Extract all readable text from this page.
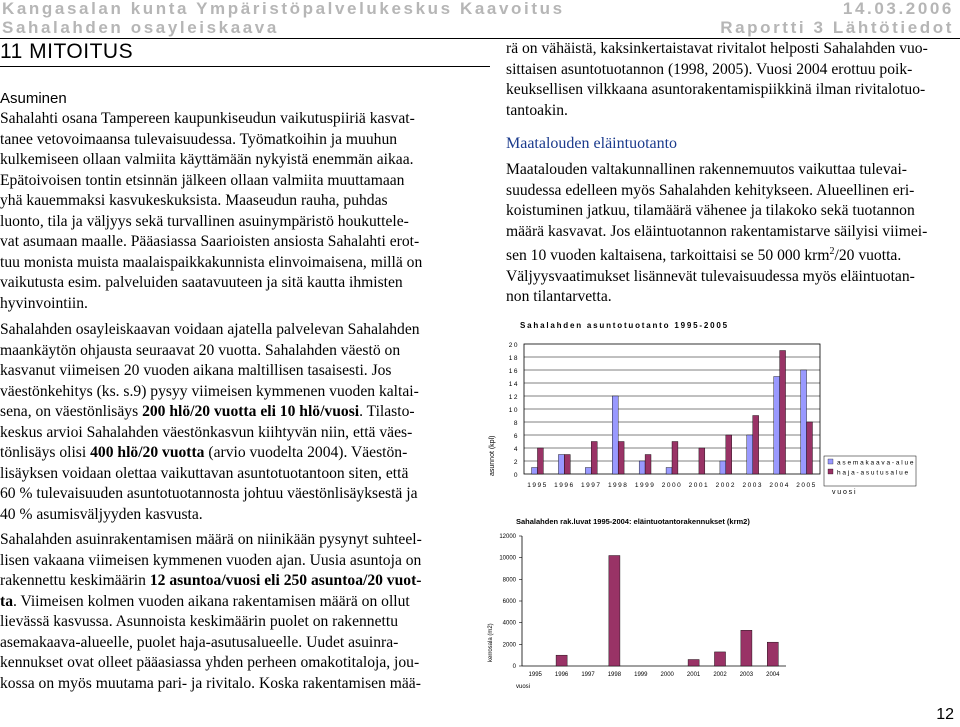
Kangasalan kunta Ympäristöpalvelukeskus Kaavoitus	14.03.2006
Sahalahden osayleiskaava	Raportti 3 Lähtötiedot
11 MITOITUS
Asuminen

Sahalahti osana Tampereen kaupunkiseudun vaikutuspiiriä kasvat-

tanee vetovoimaansa tulevaisuudessa. Työmatkoihin ja muuhun

kulkemiseen ollaan valmiita käyttämään nykyistä enemmän aikaa.

Epätoivoisen tontin etsinnän jälkeen ollaan valmiita muuttamaan

yhä kauemmaksi kasvukeskuksista. Maaseudun rauha, puhdas

luonto, tila ja väljyys sekä turvallinen asuinympäristö houkuttele-

vat asumaan maalle. Pääasiassa Saarioisten ansiosta Sahalahti erot-

tuu monista muista maalaispaikkakunnista elinvoimaisena, millä on

vaikutusta esim. palveluiden saatavuuteen ja sitä kautta ihmisten

hyvinvointiin.

Sahalahden osayleiskaavan voidaan ajatella palvelevan Sahalahden

maankäytön ohjausta seuraavat 20 vuotta. Sahalahden väestö on

kasvanut viimeisen 20 vuoden aikana maltillisen tasaisesti. Jos

väestönkehitys (ks. s.9) pysyy viimeisen kymmenen vuoden kaltai-

sena, on väestönlisäys 200 hlö/20 vuotta eli 10 hlö/vuosi. Tilasto-

keskus arvioi Sahalahden väestönkasvun kiihtyvän niin, että väes-

tönlisäys olisi 400 hlö/20 vuotta (arvio vuodelta 2004). Väestön-

lisäyksen voidaan olettaa vaikuttavan asuntotuotantoon siten, että

60 % tulevaisuuden asuntotuotannosta johtuu väestönlisäyksestä ja

40 % asumisväljyyden kasvusta.

Sahalahden asuinrakentamisen määrä on niinikään pysynyt suhteel-

lisen vakaana viimeisen kymmenen vuoden ajan. Uusia asuntoja on

rakennettu keskimäärin 12 asuntoa/vuosi eli 250 asuntoa/20 vuot-

ta. Viimeisen kolmen vuoden aikana rakentamisen määrä on ollut

lievässä kasvussa. Asunnoista keskimäärin puolet on rakennettu

asemakaava-alueelle, puolet haja-asutusalueelle. Uudet asuinra-

kennukset ovat olleet pääasiassa yhden perheen omakotitaloja, jou-

kossa on myös muutama pari- ja rivitalo. Koska rakentamisen mää-

rä on vähäistä, kaksinkertaistavat rivitalot helposti Sahalahden vuo-

sittaisen asuntotuotannon (1998, 2005). Vuosi 2004 erottuu poik-

keuksellisen vilkkaana asuntorakentamispiikkinä ilman rivitalotuo-

tantoakin.

Maatalouden eläintuotanto

Maatalouden valtakunnallinen rakennemuutos vaikuttaa tulevai-

suudessa edelleen myös Sahalahden kehitykseen. Alueellinen eri-

koistuminen jatkuu, tilamäärä vähenee ja tilakoko sekä tuotannon

määrä kasvavat. Jos eläintuotannon rakentamistarve säilyisi viimei-

sen 10 vuoden kaltaisena, tarkoittaisi se 50 000 krm$^2$/20 vuotta.

Väljyysvaatimukset lisännevät tulevaisuudessa myös eläintuotan-

non tilantarvetta.

Sahalahden asuntotuotanto 1995-2005
asunnot (kpl)	0
2
4
6
8
10
12
14
16
18
20
1995 1996 1997 1998 1999 2000 2001 2002 2003 2004 2005
asemakaava-alue
haja-asutusalue
vuosi
Sahalahden rak.luvat 1995-2004: eläintuotantorakennukset (krm2)
kerrosala (m2)
0
2000
4000
6000
8000
10000
12000
1995 1996 1997 1998 1999 2000 2001 2002 2003 2004
vuosi
12
